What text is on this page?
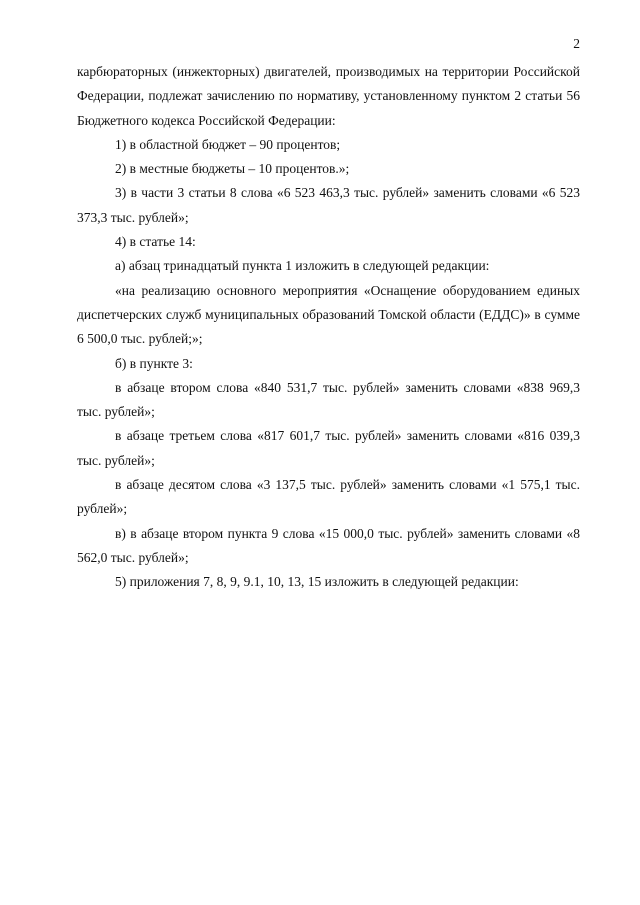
2

карбюраторных (инжекторных) двигателей, производимых на территории Российской Федерации, подлежат зачислению по нормативу, установленному пунктом 2 статьи 56 Бюджетного кодекса Российской Федерации:

1) в областной бюджет – 90 процентов;

2) в местные бюджеты – 10 процентов.»;

3) в части 3 статьи 8 слова «6 523 463,3 тыс. рублей» заменить словами «6 523 373,3 тыс. рублей»;

4) в статье 14:

а) абзац тринадцатый пункта 1 изложить в следующей редакции:

«на реализацию основного мероприятия «Оснащение оборудованием единых диспетчерских служб муниципальных образований Томской области (ЕДДС)» в сумме 6 500,0 тыс. рублей;»;

б) в пункте 3:

в абзаце втором слова «840 531,7 тыс. рублей» заменить словами «838 969,3 тыс. рублей»;

в абзаце третьем слова «817 601,7 тыс. рублей» заменить словами «816 039,3 тыс. рублей»;

в абзаце десятом слова «3 137,5 тыс. рублей» заменить словами «1 575,1 тыс. рублей»;

в) в абзаце втором пункта 9 слова «15 000,0 тыс. рублей» заменить словами «8 562,0 тыс. рублей»;

5) приложения 7, 8, 9, 9.1, 10, 13, 15 изложить в следующей редакции:
